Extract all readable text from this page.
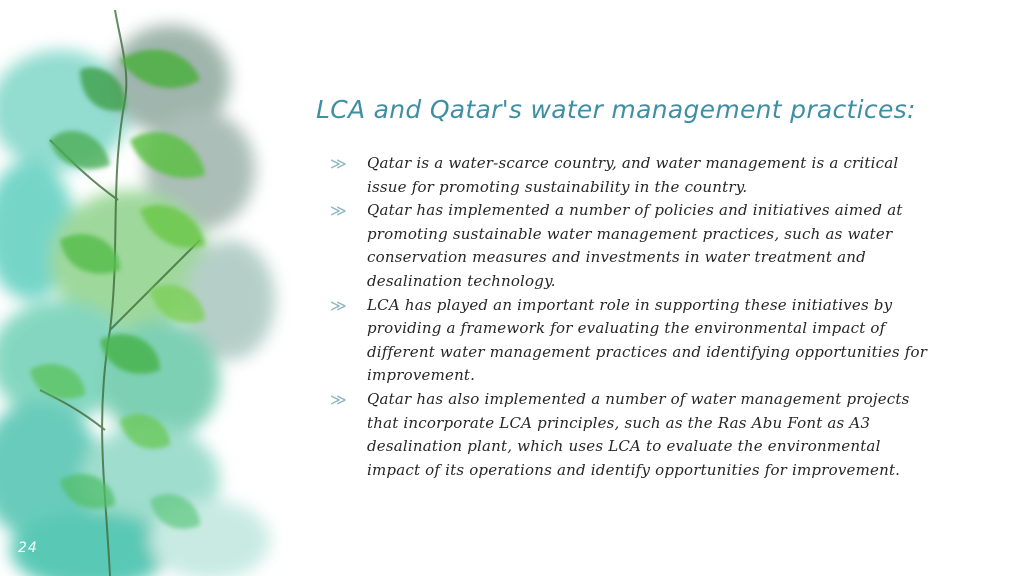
24
LCA and Qatar's water management practices:
≫ Qatar is a water-scarce country, and water management is a critical issue for promoting sustainability in the country.
≫ Qatar has implemented a number of policies and initiatives aimed at promoting sustainable water management practices, such as water conservation measures and investments in water treatment and desalination technology.
≫ LCA has played an important role in supporting these initiatives by providing a framework for evaluating the environmental impact of different water management practices and identifying opportunities for improvement.
≫ Qatar has also implemented a number of water management projects that incorporate LCA principles, such as the Ras Abu Font as A3 desalination plant, which uses LCA to evaluate the environmental impact of its operations and identify opportunities for improvement.
